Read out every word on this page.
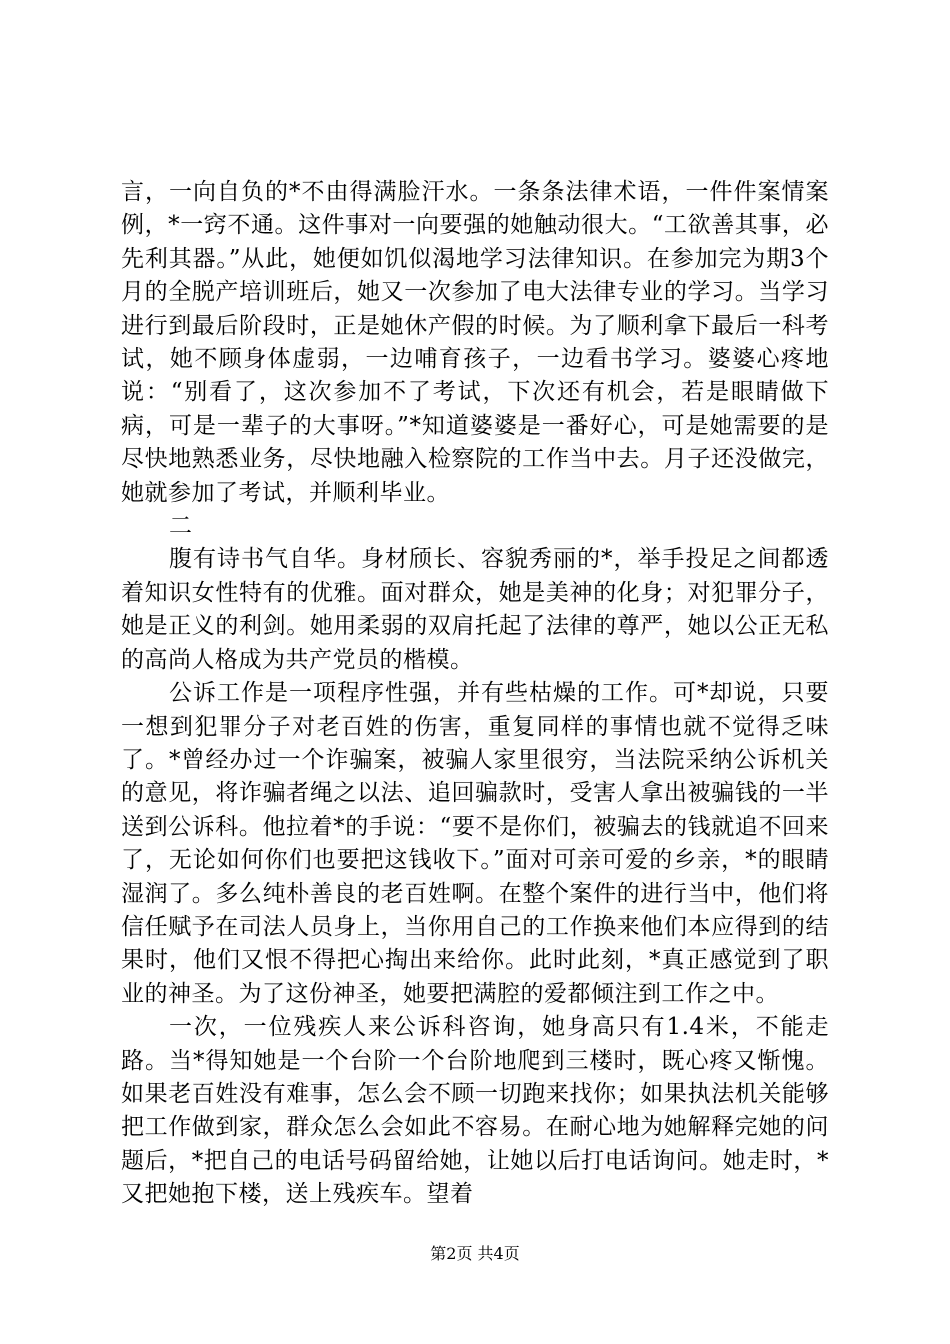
言，一向自负的*不由得满脸汗水。一条条法律术语，一件件案情案例，*一窍不通。这件事对一向要强的她触动很大。“工欲善其事，必先利其器。”从此，她便如饥似渴地学习法律知识。在参加完为期3个月的全脱产培训班后，她又一次参加了电大法律专业的学习。当学习进行到最后阶段时，正是她休产假的时候。为了顺利拿下最后一科考试，她不顾身体虚弱，一边哺育孩子，一边看书学习。婆婆心疼地说：“别看了，这次参加不了考试，下次还有机会，若是眼睛做下病，可是一辈子的大事呀。”*知道婆婆是一番好心，可是她需要的是尽快地熟悉业务，尽快地融入检察院的工作当中去。月子还没做完，她就参加了考试，并顺利毕业。

二

腹有诗书气自华。身材颀长、容貌秀丽的*，举手投足之间都透着知识女性特有的优雅。面对群众，她是美神的化身；对犯罪分子，她是正义的利剑。她用柔弱的双肩托起了法律的尊严，她以公正无私的高尚人格成为共产党员的楷模。

公诉工作是一项程序性强，并有些枯燥的工作。可*却说，只要一想到犯罪分子对老百姓的伤害，重复同样的事情也就不觉得乏味了。*曾经办过一个诈骗案，被骗人家里很穷，当法院采纳公诉机关的意见，将诈骗者绳之以法、追回骗款时，受害人拿出被骗钱的一半送到公诉科。他拉着*的手说：“要不是你们，被骗去的钱就追不回来了，无论如何你们也要把这钱收下。”面对可亲可爱的乡亲，*的眼睛湿润了。多么纯朴善良的老百姓啊。在整个案件的进行当中，他们将信任赋予在司法人员身上，当你用自己的工作换来他们本应得到的结果时，他们又恨不得把心掏出来给你。此时此刻，*真正感觉到了职业的神圣。为了这份神圣，她要把满腔的爱都倾注到工作之中。

一次，一位残疾人来公诉科咨询，她身高只有1.4米，不能走路。当*得知她是一个台阶一个台阶地爬到三楼时，既心疼又惭愧。如果老百姓没有难事，怎么会不顾一切跑来找你；如果执法机关能够把工作做到家，群众怎么会如此不容易。在耐心地为她解释完她的问题后，*把自己的电话号码留给她，让她以后打电话询问。她走时，*又把她抱下楼，送上残疾车。望着

第2页 共4页
